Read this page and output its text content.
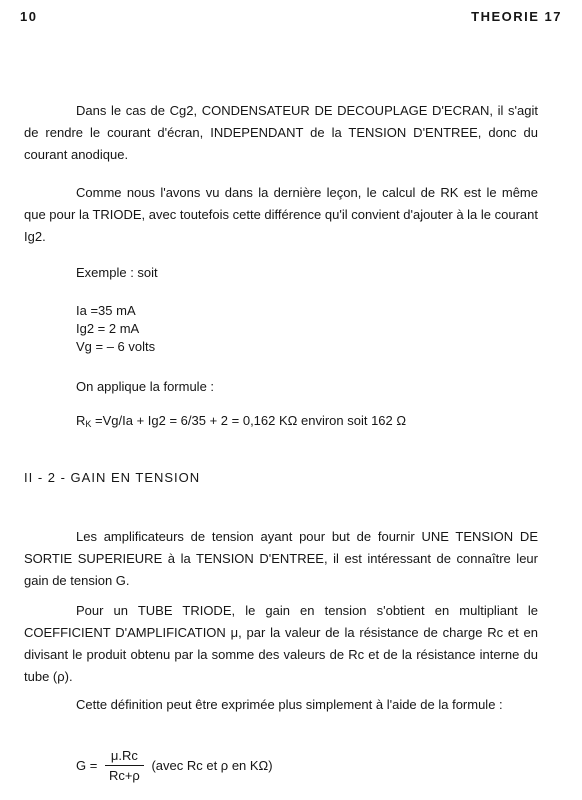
10	THEORIE 17
Dans le cas de Cg2, CONDENSATEUR DE DECOUPLAGE D'ECRAN, il s'agit de rendre le courant d'écran, INDEPENDANT de la TENSION D'ENTREE, donc du courant anodique.
Comme nous l'avons vu dans la dernière leçon, le calcul de RK est le même que pour la TRIODE, avec toutefois cette différence qu'il convient d'ajouter à la le courant Ig2.
Exemple : soit
Ia =35 mA
Ig2 = 2 mA
Vg = – 6 volts
On applique la formule :
$R_K =Vg/Ia + Ig2 = 6/35 + 2 = 0,162$ KΩ environ soit 162 Ω
II - 2 - GAIN EN TENSION
Les amplificateurs de tension ayant pour but de fournir UNE TENSION DE SORTIE SUPERIEURE à la TENSION D'ENTREE, il est intéressant de connaître leur gain de tension G.
Pour un TUBE TRIODE, le gain en tension s'obtient en multipliant le COEFFICIENT D'AMPLIFICATION μ, par la valeur de la résistance de charge Rc et en divisant le produit obtenu par la somme des valeurs de Rc et de la résistance interne du tube (ρ).
Cette définition peut être exprimée plus simplement à l'aide de la formule :
$G = \frac{\mu.Rc}{Rc+\rho}$ (avec Rc et ρ en KΩ)
